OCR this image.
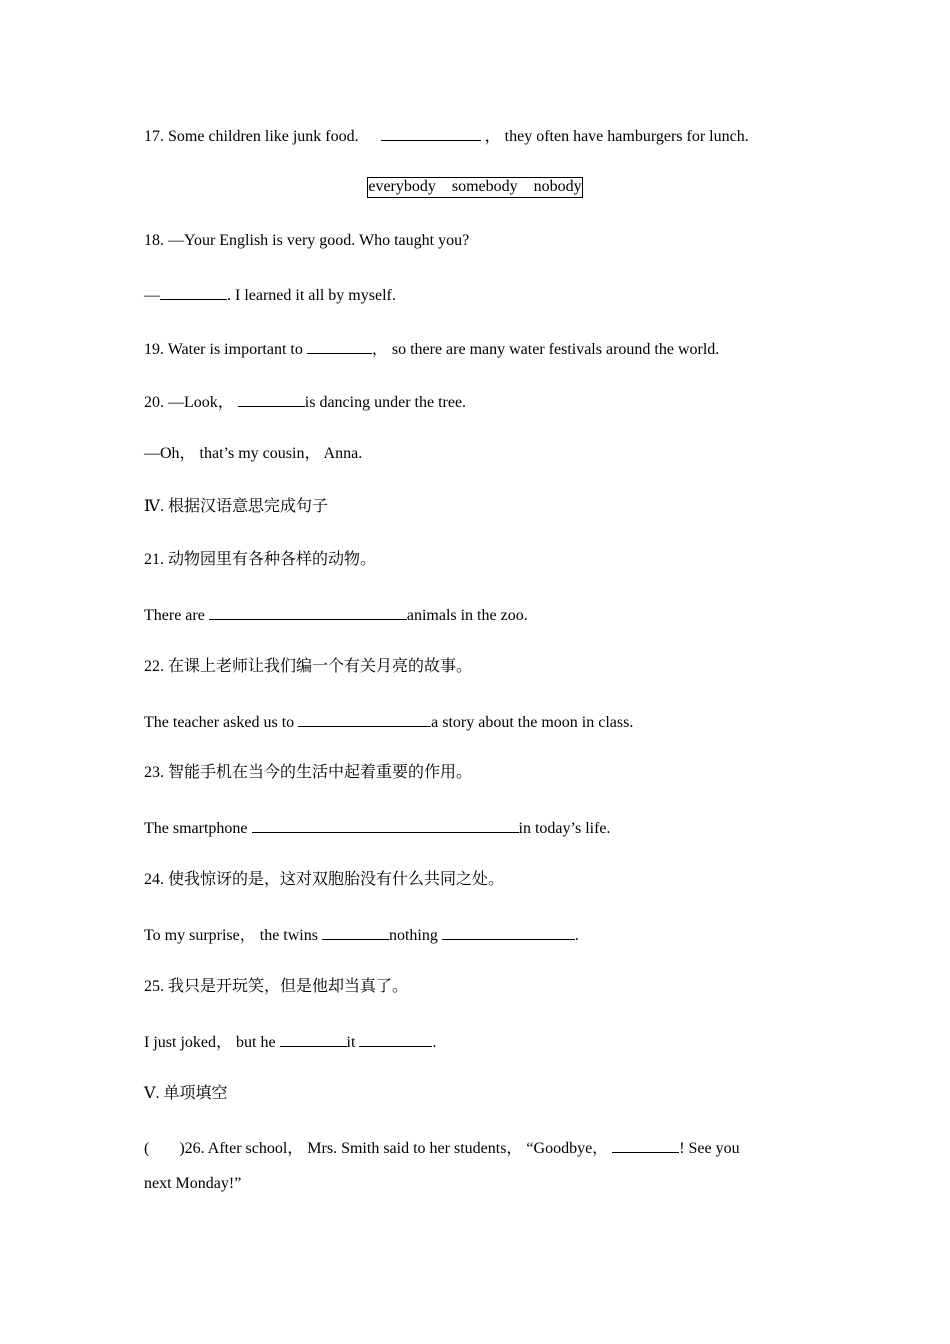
17. Some children like junk food.	， they often have hamburgers for lunch.
everybody somebody nobody
18. —Your English is very good. Who taught you?
—	. I learned it all by myself.
19. Water is important to	， so there are many water festivals around the world.
20. —Look，	is dancing under the tree.
—Oh， that’s my cousin， Anna.
Ⅳ. 根据汉语意思完成句子
21. 动物园里有各种各样的动物。
There are	animals in the zoo.
22. 在课上老师让我们编一个有关月亮的故事。
The teacher asked us to	a story about the moon in class.
23. 智能手机在当今的生活中起着重要的作用。
The smartphone	in today’s life.
24. 使我惊讶的是，这对双胞胎没有什么共同之处。
To my surprise， the twins	nothing	.
25. 我只是开玩笑，但是他却当真了。
I just joked， but he	it	.
Ⅴ. 单项填空
( )26. After school， Mrs. Smith said to her students， “Goodbye，	! See you
next Monday!”
